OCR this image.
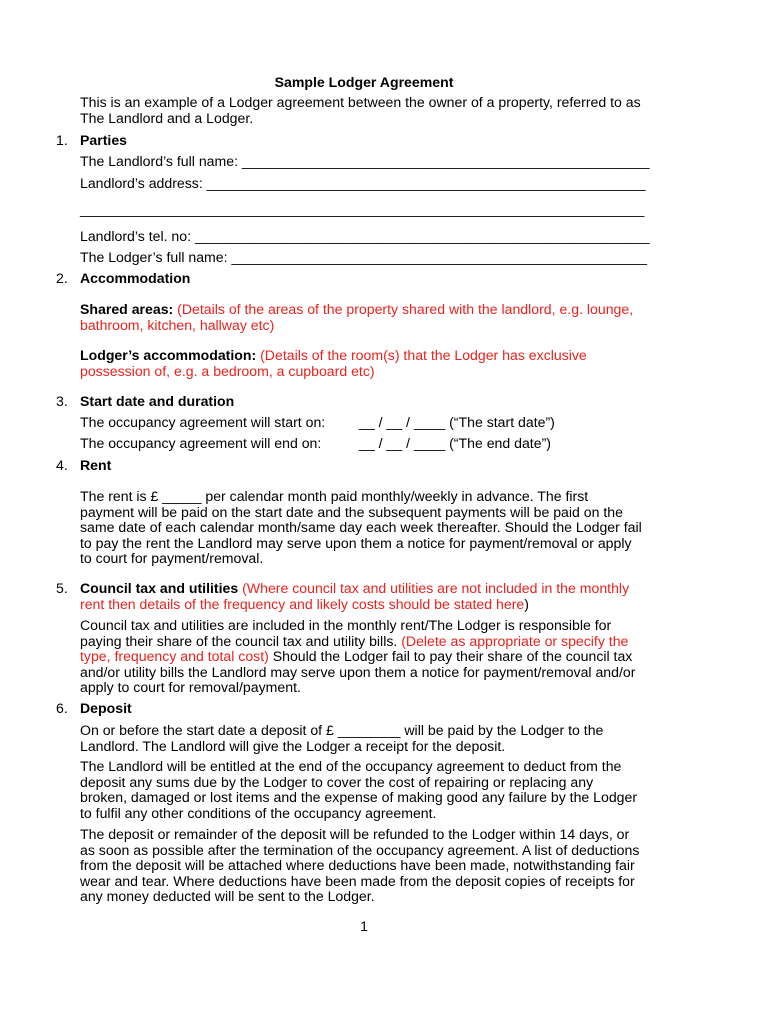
Sample Lodger Agreement
This is an example of a Lodger agreement between the owner of a property, referred to as
The Landlord and a Lodger.
1. Parties
The Landlord’s full name: ____________________________________________________
Landlord’s address: ________________________________________________________
________________________________________________________________________
Landlord’s tel. no: __________________________________________________________
The Lodger’s full name: _____________________________________________________
2. Accommodation
Shared areas: (Details of the areas of the property shared with the landlord, e.g. lounge,
bathroom, kitchen, hallway etc)
Lodger’s accommodation: (Details of the room(s) that the Lodger has exclusive
possession of, e.g. a bedroom, a cupboard etc)
3. Start date and duration
The occupancy agreement will start on: __ / __ / ____ (“The start date”)
The occupancy agreement will end on:	__ / __ / ____ (“The end date”)
4. Rent
The rent is £ _____ per calendar month paid monthly/weekly in advance. The first
payment will be paid on the start date and the subsequent payments will be paid on the
same date of each calendar month/same day each week thereafter. Should the Lodger fail
to pay the rent the Landlord may serve upon them a notice for payment/removal or apply
to court for payment/removal.
5. Council tax and utilities (Where council tax and utilities are not included in the monthly
rent then details of the frequency and likely costs should be stated here)
Council tax and utilities are included in the monthly rent/The Lodger is responsible for
paying their share of the council tax and utility bills. (Delete as appropriate or specify the
type, frequency and total cost) Should the Lodger fail to pay their share of the council tax
and/or utility bills the Landlord may serve upon them a notice for payment/removal and/or
apply to court for removal/payment.
6. Deposit
On or before the start date a deposit of £ ________ will be paid by the Lodger to the
Landlord. The Landlord will give the Lodger a receipt for the deposit.
The Landlord will be entitled at the end of the occupancy agreement to deduct from the
deposit any sums due by the Lodger to cover the cost of repairing or replacing any
broken, damaged or lost items and the expense of making good any failure by the Lodger
to fulfil any other conditions of the occupancy agreement.
The deposit or remainder of the deposit will be refunded to the Lodger within 14 days, or
as soon as possible after the termination of the occupancy agreement. A list of deductions
from the deposit will be attached where deductions have been made, notwithstanding fair
wear and tear. Where deductions have been made from the deposit copies of receipts for
any money deducted will be sent to the Lodger.
1
